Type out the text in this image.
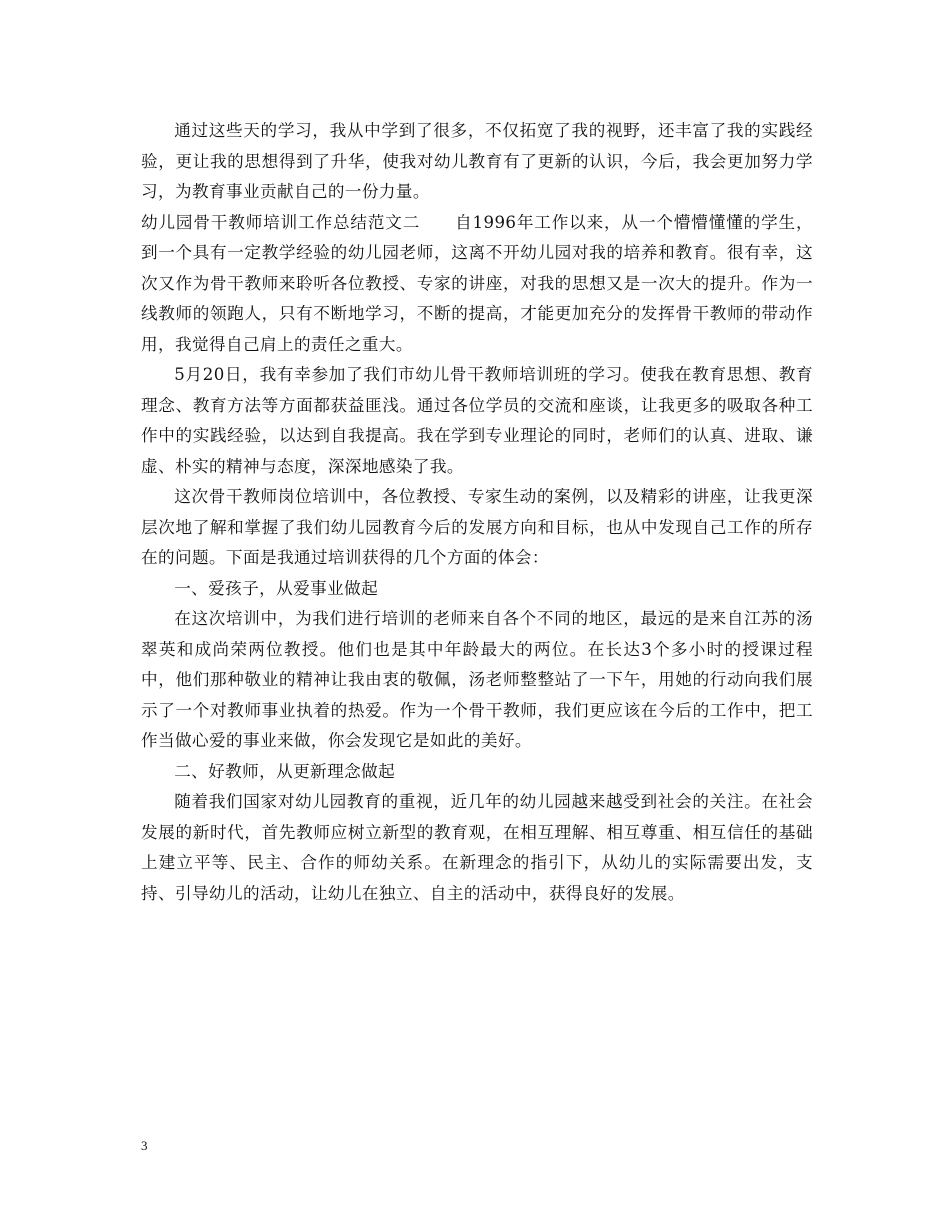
通过这些天的学习，我从中学到了很多，不仅拓宽了我的视野，还丰富了我的实践经验，更让我的思想得到了升华，使我对幼儿教育有了更新的认识，今后，我会更加努力学习，为教育事业贡献自己的一份力量。

幼儿园骨干教师培训工作总结范文二　　自1996年工作以来，从一个懵懵懂懂的学生，到一个具有一定教学经验的幼儿园老师，这离不开幼儿园对我的培养和教育。很有幸，这次又作为骨干教师来聆听各位教授、专家的讲座，对我的思想又是一次大的提升。作为一线教师的领跑人，只有不断地学习，不断的提高，才能更加充分的发挥骨干教师的带动作用，我觉得自己肩上的责任之重大。

5月20日，我有幸参加了我们市幼儿骨干教师培训班的学习。使我在教育思想、教育理念、教育方法等方面都获益匪浅。通过各位学员的交流和座谈，让我更多的吸取各种工作中的实践经验，以达到自我提高。我在学到专业理论的同时，老师们的认真、进取、谦虚、朴实的精神与态度，深深地感染了我。

这次骨干教师岗位培训中，各位教授、专家生动的案例，以及精彩的讲座，让我更深层次地了解和掌握了我们幼儿园教育今后的发展方向和目标，也从中发现自己工作的所存在的问题。下面是我通过培训获得的几个方面的体会：

一、爱孩子，从爱事业做起

在这次培训中，为我们进行培训的老师来自各个不同的地区，最远的是来自江苏的汤翠英和成尚荣两位教授。他们也是其中年龄最大的两位。在长达3个多小时的授课过程中，他们那种敬业的精神让我由衷的敬佩，汤老师整整站了一下午，用她的行动向我们展示了一个对教师事业执着的热爱。作为一个骨干教师，我们更应该在今后的工作中，把工作当做心爱的事业来做，你会发现它是如此的美好。

二、好教师，从更新理念做起

随着我们国家对幼儿园教育的重视，近几年的幼儿园越来越受到社会的关注。在社会发展的新时代，首先教师应树立新型的教育观，在相互理解、相互尊重、相互信任的基础上建立平等、民主、合作的师幼关系。在新理念的指引下，从幼儿的实际需要出发，支持、引导幼儿的活动，让幼儿在独立、自主的活动中，获得良好的发展。

3
